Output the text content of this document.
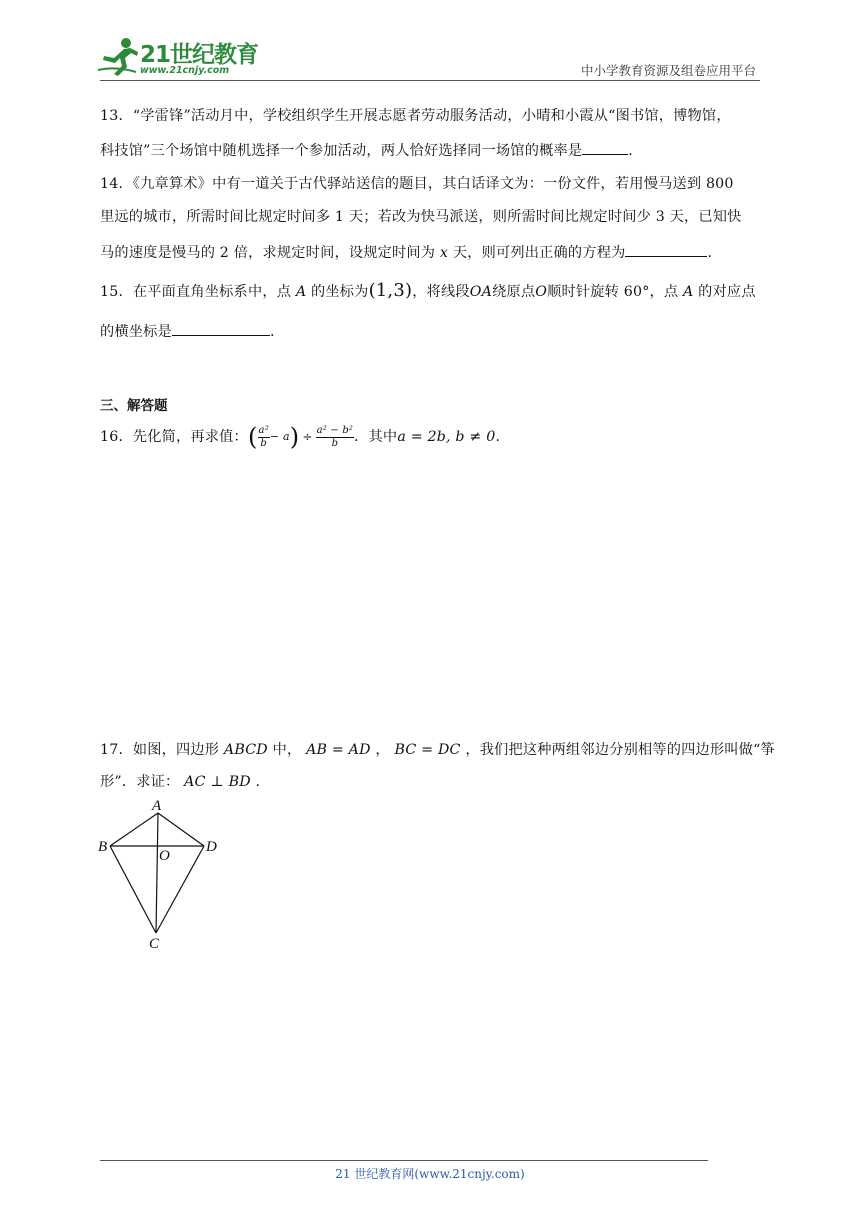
21世纪教育
www.21cnjy.com	中小学教育资源及组卷应用平台
13．“学雷锋”活动月中，学校组织学生开展志愿者劳动服务活动，小晴和小霞从“图书馆，博物馆，
科技馆”三个场馆中随机选择一个参加活动，两人恰好选择同一场馆的概率是	.
14．《九章算术》中有一道关于古代驿站送信的题目，其白话译文为：一份文件，若用慢马送到 800
里远的城市，所需时间比规定时间多 1 天；若改为快马派送，则所需时间比规定时间少 3 天，已知快
马的速度是慢马的 2 倍，求规定时间，设规定时间为 x 天，则可列出正确的方程为	.
15．在平面直角坐标系中，点 A 的坐标为(1,3)，将线段OA绕原点O顺时针旋转 60°，点 A 的对应点
的横坐标是	.
三、解答题
16．先化简，再求值：( $\frac{\text{a²}}{b} - a) \div \frac{\text{a² − b²}}{b}$ ．其中a = 2b, b ≠ 0.
17．如图，四边形 ABCD 中， AB = AD ， BC = DC ，我们把这种两组邻边分别相等的四边形叫做“筝
形”．求证： AC ⊥ BD .
A
B	D
O
C
21 世纪教育网(www.21cnjy.com)
